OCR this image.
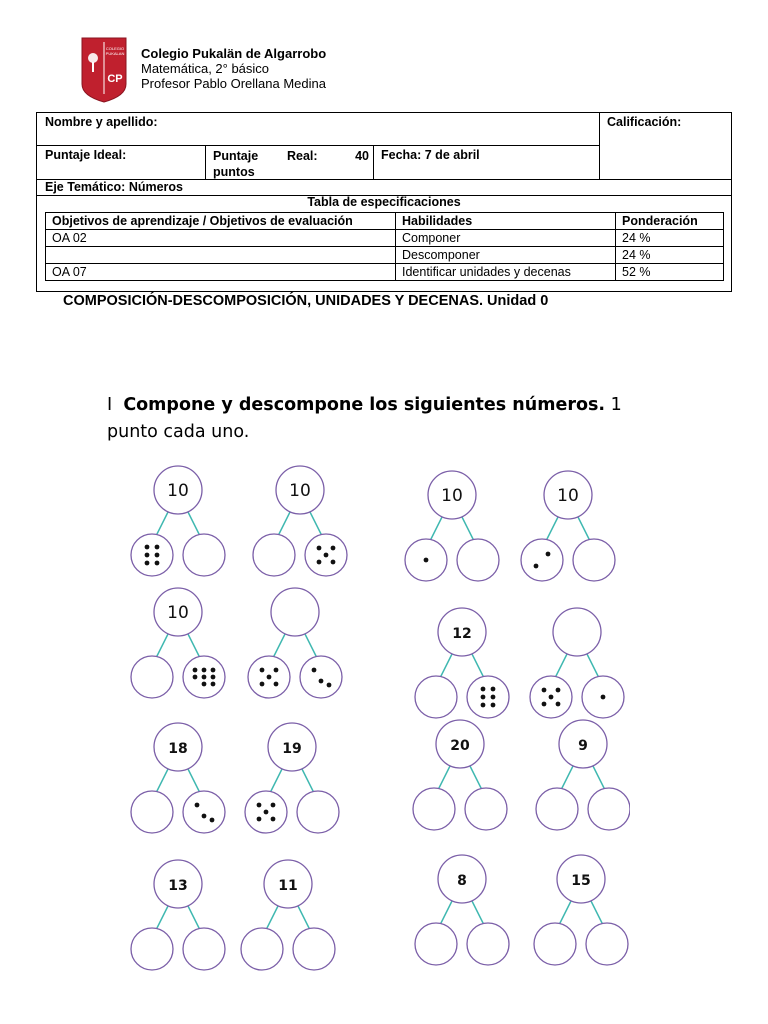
COLEGIO
PUKALAN
CP
Colegio Pukalän de Algarrobo
Matemática, 2° básico
Profesor Pablo Orellana Medina
Nombre y apellido:	Calificación:
Puntaje Ideal:	Puntaje Real:	40
puntos
Fecha: 7 de abril
Eje Temático: Números
Tabla de especificaciones
Objetivos de aprendizaje / Objetivos de evaluación	Habilidades	Ponderación
OA 02	Componer	24 %
	Descomponer	24 %
OA 07	Identificar unidades y decenas	52 %
COMPOSICIÓN-DESCOMPOSICIÓN, UNIDADES Y DECENAS. Unidad 0
I Compone y descompone los siguientes números. 1 punto cada uno.
10	10	10	10
10
12
18	19	20	9
13	11	8	15
